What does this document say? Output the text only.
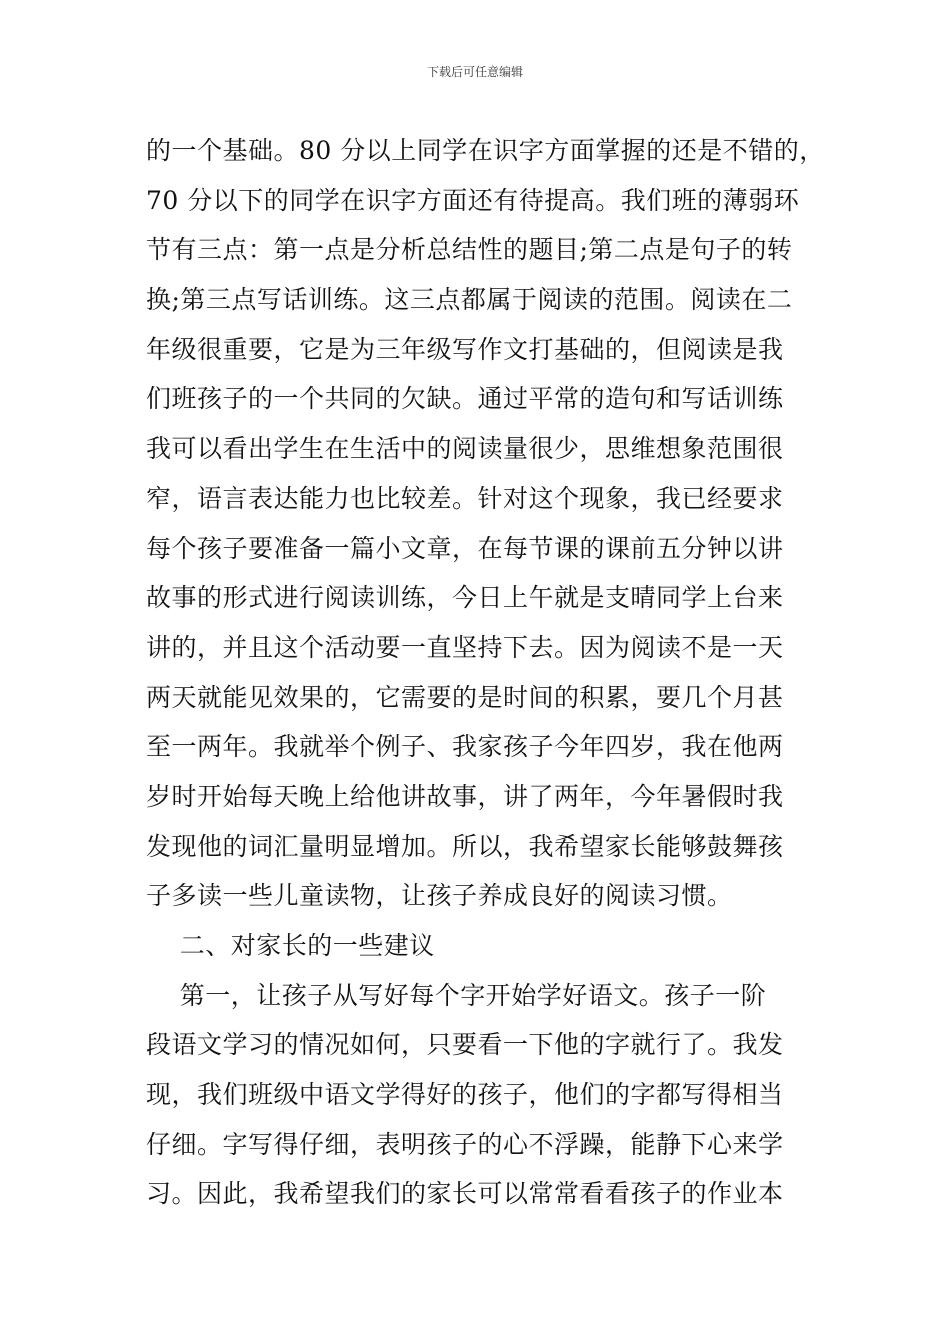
下载后可任意编辑
的一个基础。80 分以上同学在识字方面掌握的还是不错的，
70 分以下的同学在识字方面还有待提高。我们班的薄弱环
节有三点：第一点是分析总结性的题目;第二点是句子的转
换;第三点写话训练。这三点都属于阅读的范围。阅读在二
年级很重要，它是为三年级写作文打基础的，但阅读是我
们班孩子的一个共同的欠缺。通过平常的造句和写话训练
我可以看出学生在生活中的阅读量很少，思维想象范围很
窄，语言表达能力也比较差。针对这个现象，我已经要求
每个孩子要准备一篇小文章，在每节课的课前五分钟以讲
故事的形式进行阅读训练，今日上午就是支晴同学上台来
讲的，并且这个活动要一直坚持下去。因为阅读不是一天
两天就能见效果的，它需要的是时间的积累，要几个月甚
至一两年。我就举个例子、我家孩子今年四岁，我在他两
岁时开始每天晚上给他讲故事，讲了两年，今年暑假时我
发现他的词汇量明显增加。所以，我希望家长能够鼓舞孩
子多读一些儿童读物，让孩子养成良好的阅读习惯。
二、对家长的一些建议
第一，让孩子从写好每个字开始学好语文。孩子一阶
段语文学习的情况如何，只要看一下他的字就行了。我发
现，我们班级中语文学得好的孩子，他们的字都写得相当
仔细。字写得仔细，表明孩子的心不浮躁，能静下心来学
习。因此，我希望我们的家长可以常常看看孩子的作业本
